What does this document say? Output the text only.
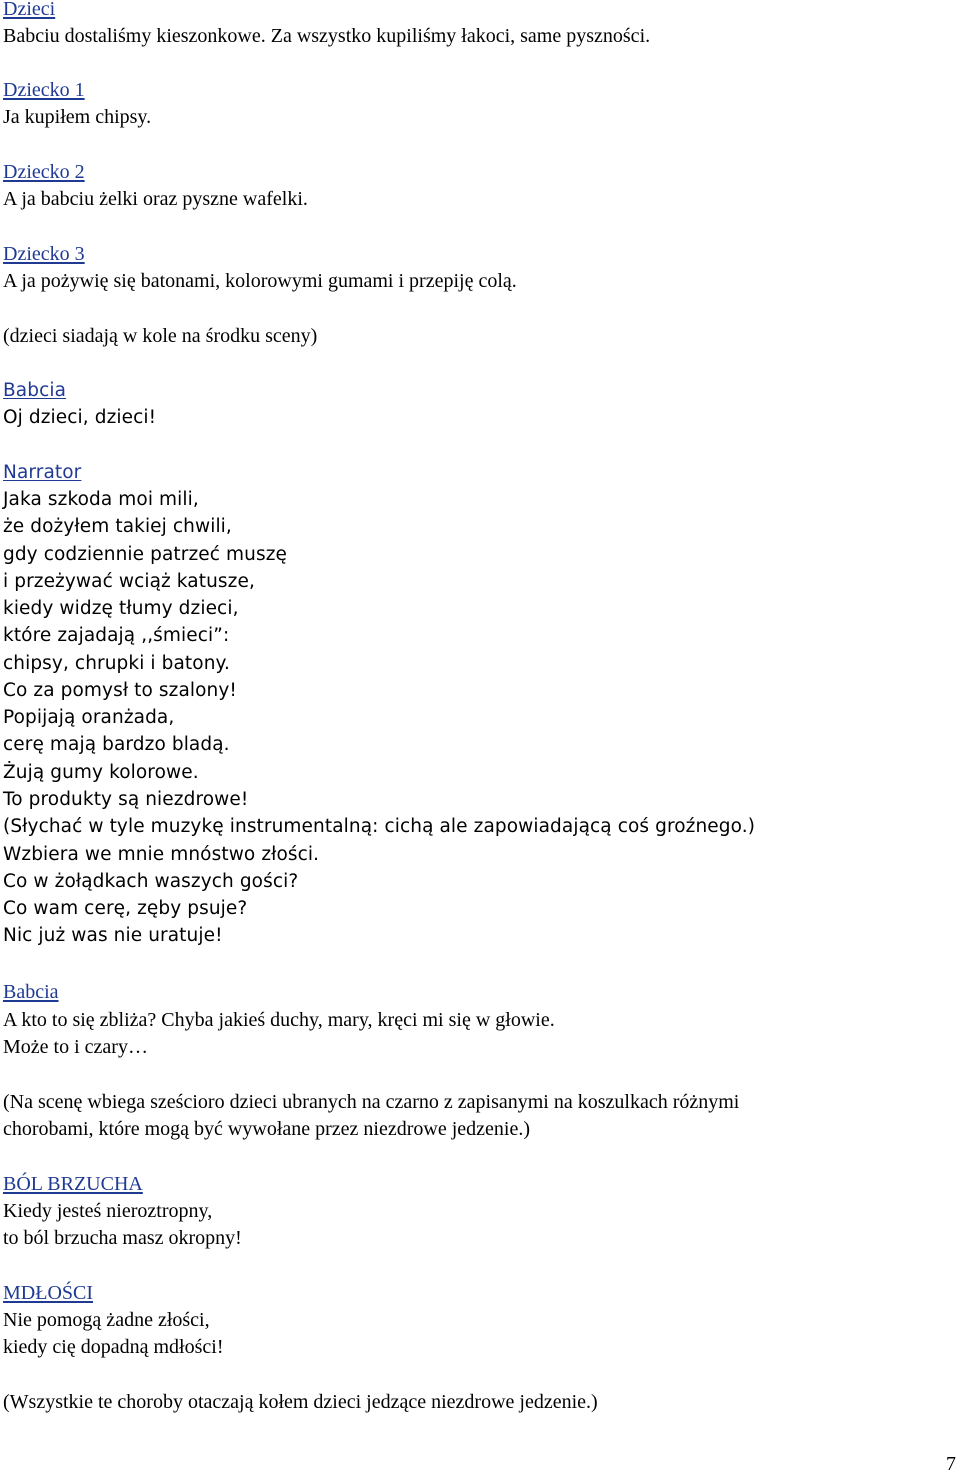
Dzieci
Babciu dostaliśmy kieszonkowe. Za wszystko kupiliśmy łakoci, same pyszności.
Dziecko 1
Ja kupiłem chipsy.
Dziecko 2
A ja babciu żelki oraz pyszne wafelki.
Dziecko 3
A ja pożywię się batonami, kolorowymi gumami i przepiję colą.
(dzieci siadają w kole na środku sceny)
Babcia
Oj dzieci, dzieci!
Narrator
Jaka szkoda moi mili,
że dożyłem takiej chwili,
gdy codziennie patrzeć muszę
i przeżywać wciąż katusze,
kiedy widzę tłumy dzieci,
które zajadają ,,śmieci”:
chipsy, chrupki i batony.
Co za pomysł to szalony!
Popijają oranżada,
cerę mają bardzo bladą.
Żują gumy kolorowe.
To produkty są niezdrowe!
(Słychać w tyle muzykę instrumentalną: cichą ale zapowiadającą coś groźnego.)
Wzbiera we mnie mnóstwo złości.
Co w żołądkach waszych gości?
Co wam cerę, zęby psuje?
Nic już was nie uratuje!
Babcia
A kto to się zbliża? Chyba jakieś duchy, mary, kręci mi się w głowie.
Może to i czary…
(Na scenę wbiega sześcioro dzieci ubranych na czarno z zapisanymi na koszulkach różnymi
chorobami, które mogą być wywołane przez niezdrowe jedzenie.)
BÓL BRZUCHA
Kiedy jesteś nieroztropny,
to ból brzucha masz okropny!
MDŁOŚCI
Nie pomogą żadne złości,
kiedy cię dopadną mdłości!
(Wszystkie te choroby otaczają kołem dzieci jedzące niezdrowe jedzenie.)
7
